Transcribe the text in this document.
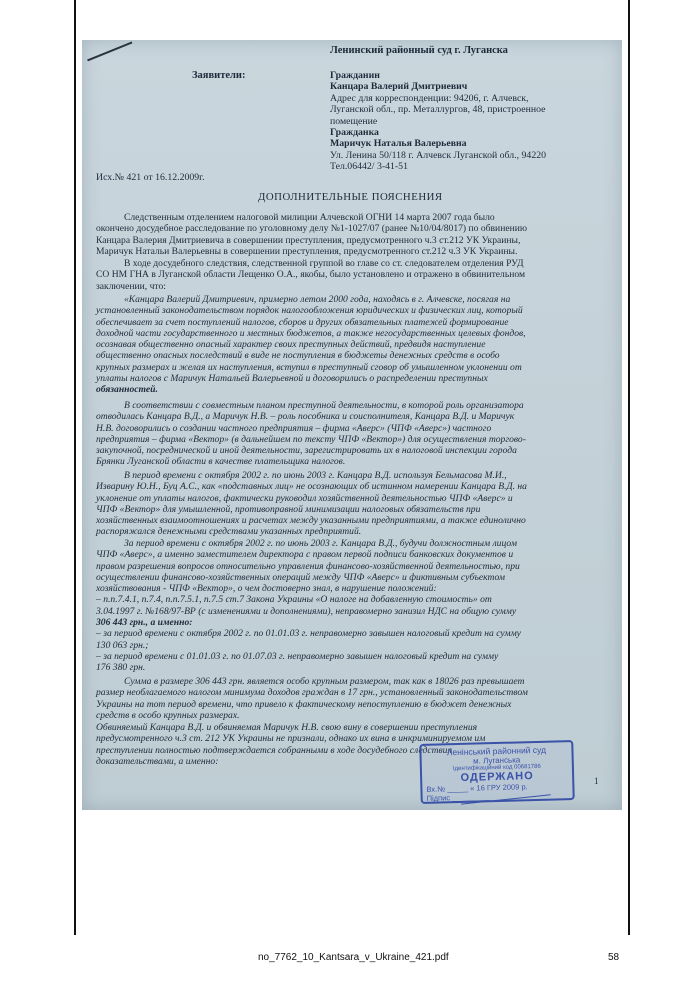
Ленинский районный суд г. Луганска
Заявители:	Гражданин
Канцара Валерий Дмитриевич
Адрес для корреспонденции: 94206, г. Алчевск,
Луганской обл., пр. Металлургов, 48, пристроенное
помещение
Гражданка
Маричук Наталья Валерьевна
Ул. Ленина 50/118 г. Алчевск Луганской обл., 94220
Тел.06442/ 3-41-51
Исх.№ 421 от 16.12.2009г.
ДОПОЛНИТЕЛЬНЫЕ ПОЯСНЕНИЯ
Следственным отделением налоговой милиции Алчевской ОГНИ 14 марта 2007 года было
окончено досудебное расследование по уголовному делу №1-1027/07 (ранее №10/04/8017) по обвинению
Канцара Валерия Дмитриевича в совершении преступления, предусмотренного ч.3 ст.212 УК Украины,
Маричук Натальи Валерьевны в совершении преступления, предусмотренного ст.212 ч.3 УК Украины.
В ходе досудебного следствия, следственной группой во главе со ст. следователем отделения РУД
СО НМ ГНА в Луганской области Лещенко О.А., якобы, было установлено и отражено в обвинительном
заключении, что:
«Канцара Валерий Дмитриевич, примерно летом 2000 года, находясь в г. Алчевске, посягая на
установленный законодательством порядок налогообложения юридических и физических лиц, который
обеспечивает за счет поступлений налогов, сборов и других обязательных платежей формирование
доходной части государственного и местных бюджетов, а также негосударственных целевых фондов,
осознавая общественно опасный характер своих преступных действий, предвидя наступление
общественно опасных последствий в виде не поступления в бюджеты денежных средств в особо
крупных размерах и желая их наступления, вступил в преступный сговор об умышленном уклонении от
уплаты налогов с Маричук Натальей Валерьевной и договорились о распределении преступных
обязанностей.
В соответствии с совместным планом преступной деятельности, в которой роль организатора
отводилась Канцара В.Д., а Маричук Н.В. – роль пособника и соисполнителя, Канцара В.Д. и Маричук
Н.В. договорились о создании частного предприятия – фирма «Аверс» (ЧПФ «Аверс») частного
предприятия – фирма «Вектор» (в дальнейшем по тексту ЧПФ «Вектор») для осуществления торгово-
закупочной, посреднической и иной деятельности, зарегистрировать их в налоговой инспекции города
Брянки Луганской области в качестве плательщика налогов.
В период времени с октября 2002 г. по июнь 2003 г. Канцара В.Д. используя Бельмасова М.И.,
Изварину Ю.Н., Буц А.С., как «подставных лиц» не осознающих об истинном намерении Канцара В.Д. на
уклонение от уплаты налогов, фактически руководил хозяйственной деятельностью ЧПФ «Аверс» и
ЧПФ «Вектор» для умышленной, противоправной минимизации налоговых обязательств при
хозяйственных взаимоотношениях и расчетах между указанными предприятиями, а также единолично
распоряжался денежными средствами указанных предприятий.
За период времени с октября 2002 г. по июнь 2003 г. Канцара В.Д., будучи должностным лицом
ЧПФ «Аверс», а именно заместителем директора с правом первой подписи банковских документов и
правом разрешения вопросов относительно управления финансово-хозяйственной деятельностью, при
осуществлении финансово-хозяйственных операций между ЧПФ «Аверс» и фиктивным субъектом
хозяйствования - ЧПФ «Вектор», о чем достоверно знал, в нарушение положений:
– п.п.7.4.1, п.7.4, п.п.7.5.1, п.7.5 ст.7 Закона Украины «О налоге на добавленную стоимость» от
3.04.1997 г. №168/97-ВР (с изменениями и дополнениями), неправомерно занизил НДС на общую сумму
306 443 грн., а именно:
– за период времени с октября 2002 г. по 01.01.03 г. неправомерно завышен налоговый кредит на сумму
130 063 грн.;
– за период времени с 01.01.03 г. по 01.07.03 г. неправомерно завышен налоговый кредит на сумму
176 380 грн.
Сумма в размере 306 443 грн. является особо крупным размером, так как в 18026 раз превышает
размер необлагаемого налогом минимума доходов граждан в 17 грн., установленный законодательством
Украины на тот период времени, что привело к фактическому непоступлению в бюджет денежных
средств в особо крупных размерах.
Обвиняемый Канцара В.Д. и обвиняемая Маричук Н.В. свою вину в совершении преступления
предусмотренного ч.3 ст. 212 УК Украины не признали, однако их вина в инкриминируемом им
преступлении полностью подтверждается собранными в ходе досудебного следствия
доказательствами, а именно:
Ленінський районний суд
м. Луганська
Ідентифікаційний код 00681786
ОДЕРЖАНО
Вх.№ _____ « 16 ГРУ 2009 р.
Підпис _________
1
no_7762_10_Kantsara_v_Ukraine_421.pdf	58
